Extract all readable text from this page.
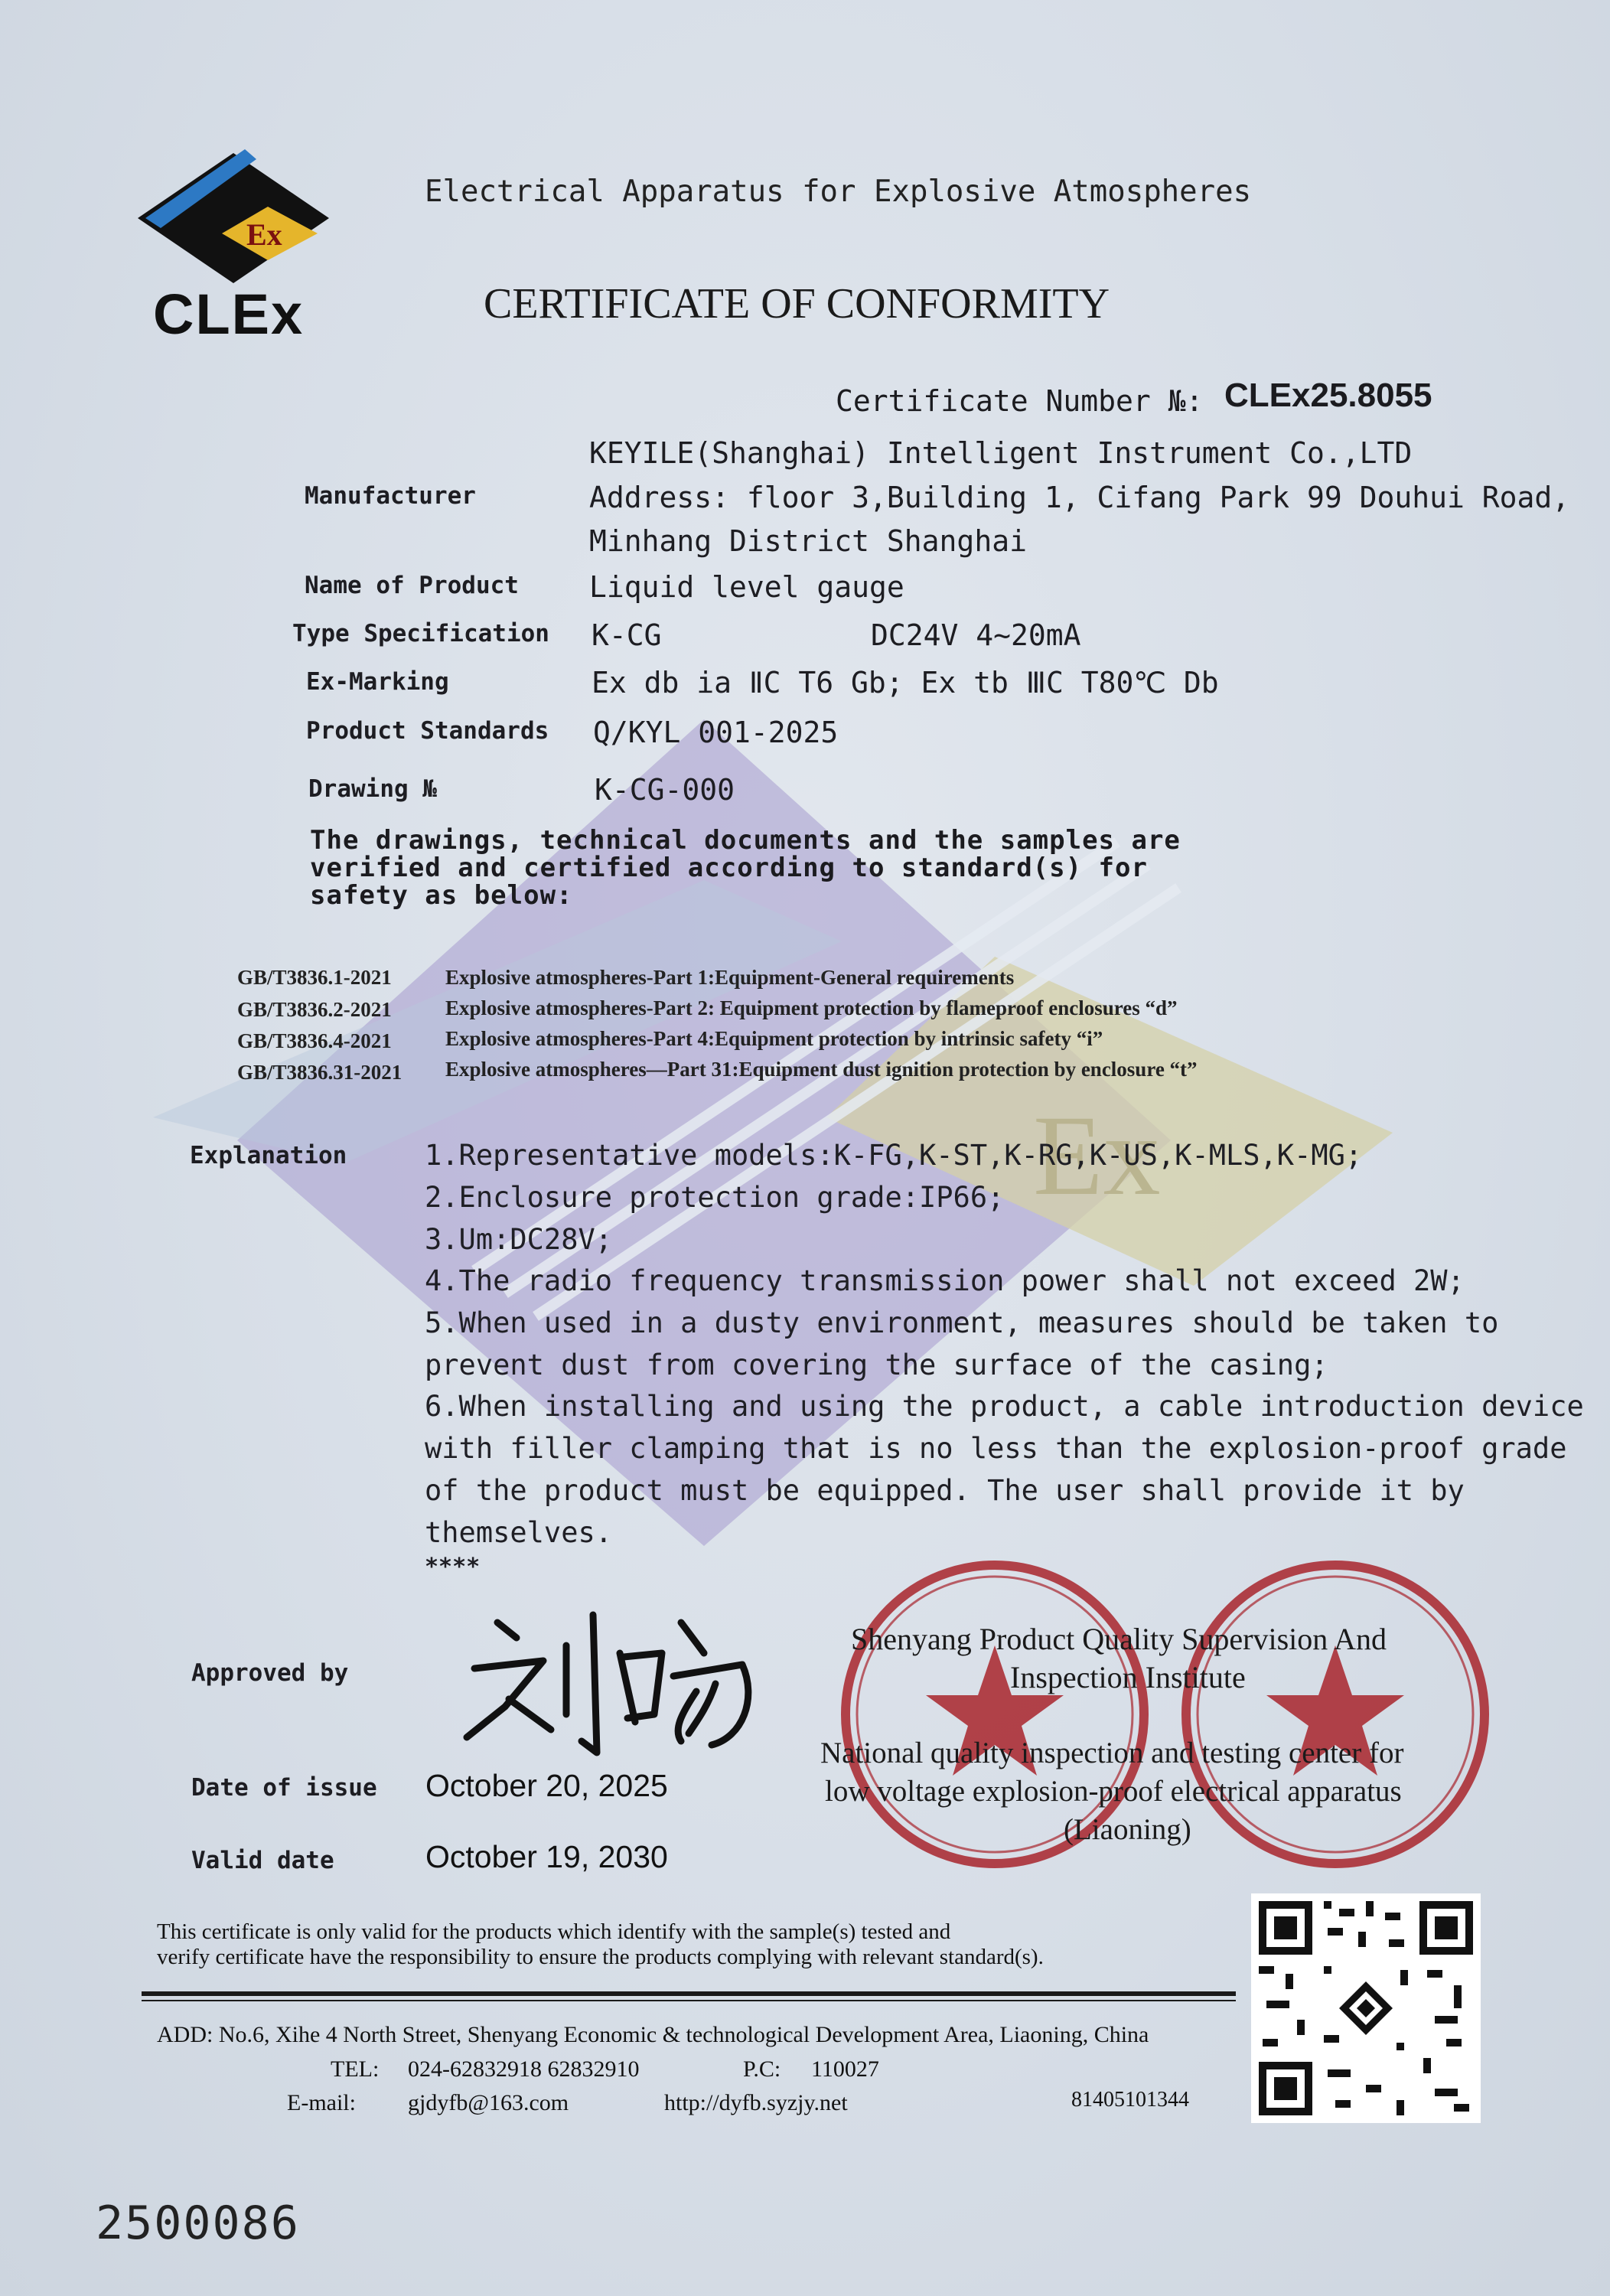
Ex
Ex
CLEx
Electrical Apparatus for Explosive Atmospheres
CERTIFICATE OF CONFORMITY
Certificate Number №: CLEx25.8055
KEYILE(Shanghai) Intelligent Instrument Co.,LTD
Manufacturer	Address: floor 3,Building 1, Cifang Park 99 Douhui Road,
Minhang District Shanghai
Name of Product Liquid level gauge
Type Specification K-CG	DC24V 4~20mA
Ex-Marking	Ex db ia ⅡC T6 Gb; Ex tb ⅢC T80℃ Db
Product Standards Q/KYL 001-2025
Drawing №	K-CG-000
The drawings, technical documents and the samples are verified and certified according to standard(s) for safety as below:
GB/T3836.1-2021	Explosive atmospheres-Part 1:Equipment-General requirements
GB/T3836.2-2021	Explosive atmospheres-Part 2: Equipment protection by flameproof enclosures “d”
GB/T3836.4-2021	Explosive atmospheres-Part 4:Equipment protection by intrinsic safety “i”
GB/T3836.31-2021 Explosive atmospheres—Part 31:Equipment dust ignition protection by enclosure “t”
Explanation	1.Representative models:K-FG,K-ST,K-RG,K-US,K-MLS,K-MG;
2.Enclosure protection grade:IP66;
3.Um:DC28V;
4.The radio frequency transmission power shall not exceed 2W;
5.When used in a dusty environment, measures should be taken to
prevent dust from covering the surface of the casing;
6.When installing and using the product, a cable introduction device
with filler clamping that is no less than the explosion-proof grade
of the product must be equipped. The user shall provide it by
themselves.
****
Approved by
Date of issue October 20, 2025
Valid date	October 19, 2030
Shenyang Product Quality Supervision And
Inspection Institute
National quality inspection and testing center for
low voltage explosion-proof electrical apparatus
(Liaoning)
This certificate is only valid for the products which identify with the sample(s) tested and
verify certificate have the responsibility to ensure the products complying with relevant standard(s).
ADD: No.6, Xihe 4 North Street, Shenyang Economic & technological Development Area, Liaoning, China
TEL: 024-62832918 62832910	P.C: 110027
E-mail: gjdyfb@163.com	http://dyfb.syzjy.net	81405101344
2500086
